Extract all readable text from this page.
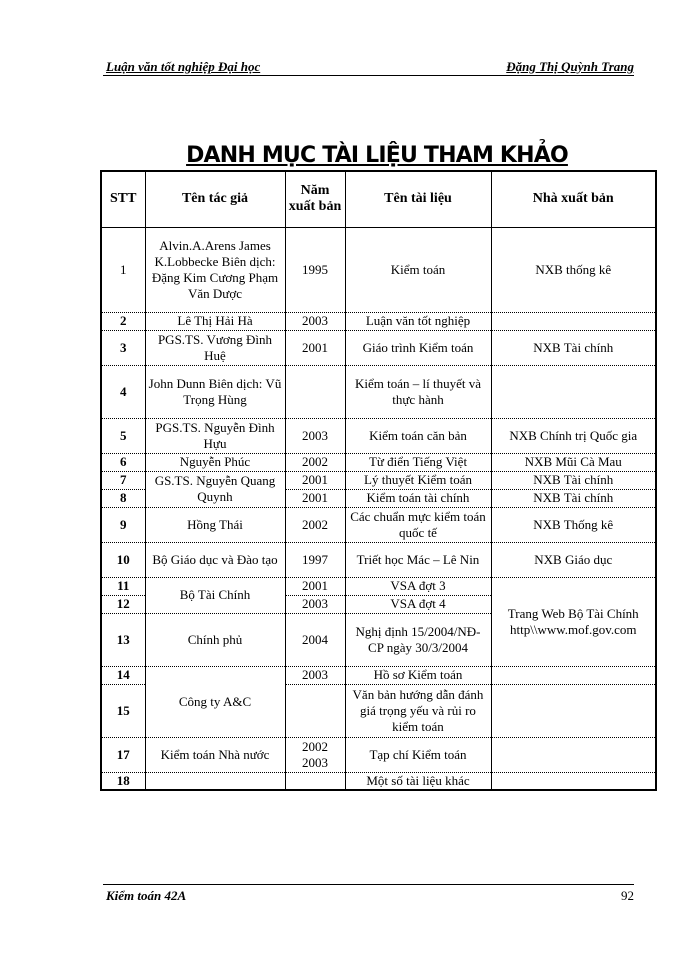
Luận văn tốt nghiệp Đại học	Đặng Thị Quỳnh Trang
DANH MỤC TÀI LIỆU THAM KHẢO
STT	Tên tác giả	Năm xuất bản	Tên tài liệu	Nhà xuất bản
1	Alvin.A.Arens James K.Lobbecke Biên dịch: Đặng Kim Cương Phạm Văn Dược	1995	Kiểm toán	NXB thống kê
2	Lê Thị Hải Hà	2003	Luận văn tốt nghiệp	
3	PGS.TS. Vương Đình Huệ	2001	Giáo trình Kiểm toán	NXB Tài chính
4	John Dunn Biên dịch: Vũ Trọng Hùng		Kiểm toán – lí thuyết và thực hành	
5	PGS.TS. Nguyễn Đình Hựu	2003	Kiểm toán căn bản	NXB Chính trị Quốc gia
6	Nguyễn Phúc	2002	Từ điển Tiếng Việt	NXB Mũi Cà Mau
7	GS.TS. Nguyễn Quang Quynh	2001	Lý thuyết Kiểm toán	NXB Tài chính
8		2001	Kiểm toán tài chính	NXB Tài chính
9	Hồng Thái	2002	Các chuẩn mực kiểm toán quốc tế	NXB Thống kê
10	Bộ Giáo dục và Đào tạo	1997	Triết học Mác – Lê Nin	NXB Giáo dục
11	Bộ Tài Chính	2001	VSA đợt 3	Trang Web Bộ Tài Chính http\\www.mof.gov.com
12		2003	VSA đợt 4	
13	Chính phủ	2004	Nghị định 15/2004/NĐ-CP ngày 30/3/2004	
14	Công ty A&C	2003	Hồ sơ Kiểm toán	
15			Văn bản hướng dẫn đánh giá trọng yếu và rủi ro kiểm toán	
17	Kiểm toán Nhà nước	2002 2003	Tạp chí Kiểm toán	
18			Một số tài liệu khác	
Kiểm toán 42A	92
